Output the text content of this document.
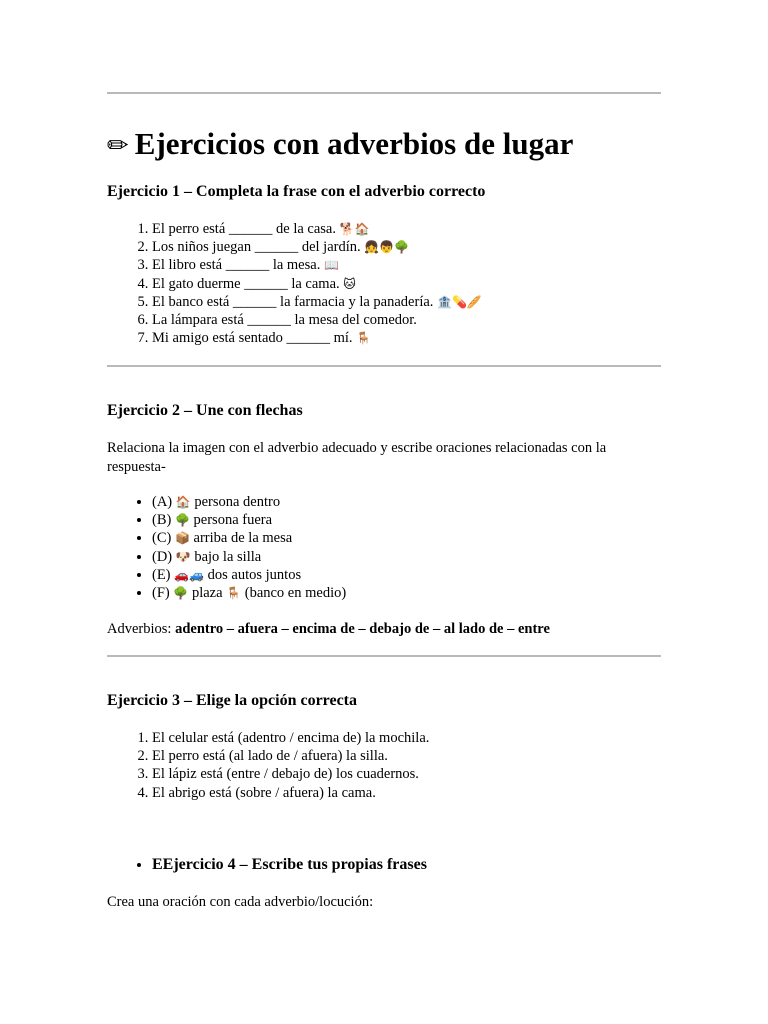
✏ Ejercicios con adverbios de lugar
Ejercicio 1 – Completa la frase con el adverbio correcto
1. El perro está ______ de la casa. 🐕🏠
2. Los niños juegan ______ del jardín. 👧👦🌳
3. El libro está ______ la mesa. 📖
4. El gato duerme ______ la cama. 🐱
5. El banco está ______ la farmacia y la panadería. 🏦💊🥖
6. La lámpara está ______ la mesa del comedor.
7. Mi amigo está sentado ______ mí. 🪑
Ejercicio 2 – Une con flechas

Relaciona la imagen con el adverbio adecuado y escribe oraciones relacionadas con la respuesta-

• (A) 🏠 persona dentro
• (B) 🌳 persona fuera
• (C) 📦 arriba de la mesa
• (D) 🐶 bajo la silla
• (E) 🚗🚙 dos autos juntos
• (F) 🌳 plaza 🪑 (banco en medio)

Adverbios: adentro – afuera – encima de – debajo de – al lado de – entre

Ejercicio 3 – Elige la opción correcta
1. El celular está (adentro / encima de) la mochila.
2. El perro está (al lado de / afuera) la silla.
3. El lápiz está (entre / debajo de) los cuadernos.
4. El abrigo está (sobre / afuera) la cama.
• EEjercicio 4 – Escribe tus propias frases

Crea una oración con cada adverbio/locución:
